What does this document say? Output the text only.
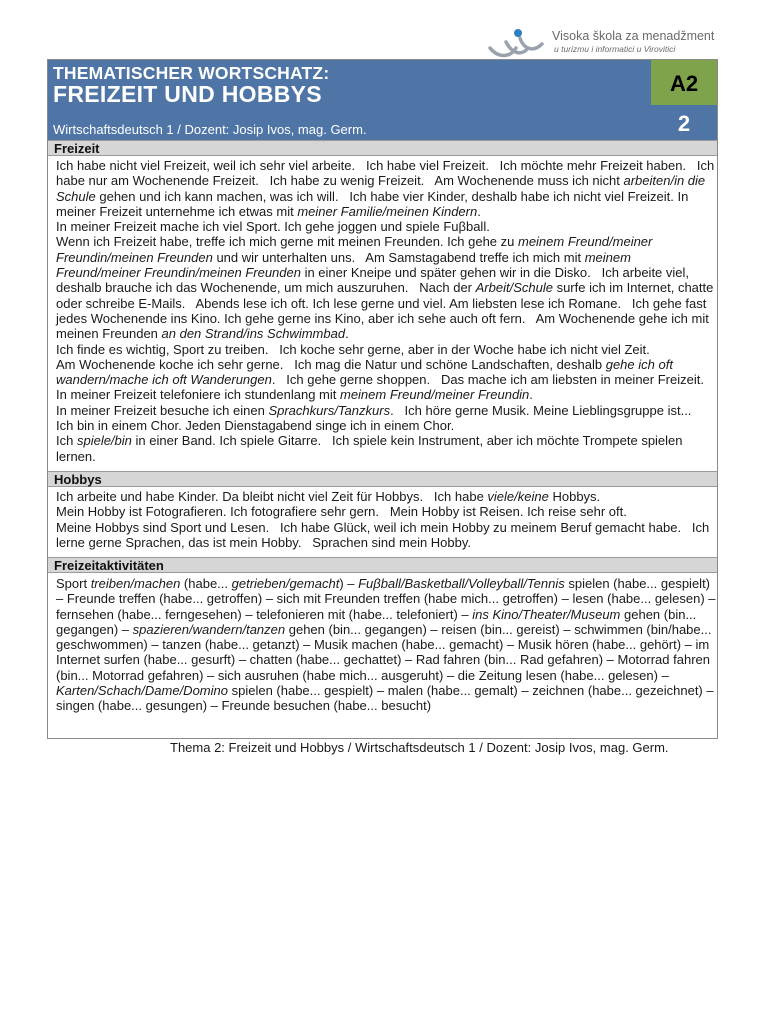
Visoka škola za menadžment
u turizmu i informatici u Virovitici
THEMATISCHER WORTSCHATZ:
FREIZEIT UND HOBBYS
Wirtschaftsdeutsch 1 / Dozent: Josip Ivos, mag. Germ.
A2
2
Freizeit

Ich habe nicht viel Freizeit, weil ich sehr viel arbeite.   Ich habe viel Freizeit.   Ich möchte mehr Freizeit haben.   Ich habe nur am Wochenende Freizeit.   Ich habe zu wenig Freizeit.   Am Wochenende muss ich nicht arbeiten/in die Schule gehen und ich kann machen, was ich will.   Ich habe vier Kinder, deshalb habe ich nicht viel Freizeit. In meiner Freizeit unternehme ich etwas mit meiner Familie/meinen Kindern.
In meiner Freizeit mache ich viel Sport. Ich gehe joggen und spiele Fuβball.
Wenn ich Freizeit habe, treffe ich mich gerne mit meinen Freunden. Ich gehe zu meinem Freund/meiner Freundin/meinen Freunden und wir unterhalten uns.   Am Samstagabend treffe ich mich mit meinem Freund/meiner Freundin/meinen Freunden in einer Kneipe und später gehen wir in die Disko.   Ich arbeite viel, deshalb brauche ich das Wochenende, um mich auszuruhen.   Nach der Arbeit/Schule surfe ich im Internet, chatte oder schreibe E-Mails.   Abends lese ich oft. Ich lese gerne und viel. Am liebsten lese ich Romane.   Ich gehe fast jedes Wochenende ins Kino. Ich gehe gerne ins Kino, aber ich sehe auch oft fern.   Am Wochenende gehe ich mit meinen Freunden an den Strand/ins Schwimmbad.
Ich finde es wichtig, Sport zu treiben.   Ich koche sehr gerne, aber in der Woche habe ich nicht viel Zeit.
Am Wochenende koche ich sehr gerne.   Ich mag die Natur und schöne Landschaften, deshalb gehe ich oft wandern/mache ich oft Wanderungen.   Ich gehe gerne shoppen.   Das mache ich am liebsten in meiner Freizeit.   In meiner Freizeit telefoniere ich stundenlang mit meinem Freund/meiner Freundin.
In meiner Freizeit besuche ich einen Sprachkurs/Tanzkurs.   Ich höre gerne Musik. Meine Lieblingsgruppe ist...   Ich bin in einem Chor. Jeden Dienstagabend singe ich in einem Chor.
Ich spiele/bin in einer Band. Ich spiele Gitarre.   Ich spiele kein Instrument, aber ich möchte Trompete spielen lernen.

Hobbys

Ich arbeite und habe Kinder. Da bleibt nicht viel Zeit für Hobbys.   Ich habe viele/keine Hobbys.
Mein Hobby ist Fotografieren. Ich fotografiere sehr gern.   Mein Hobby ist Reisen. Ich reise sehr oft.
Meine Hobbys sind Sport und Lesen.   Ich habe Glück, weil ich mein Hobby zu meinem Beruf gemacht habe.   Ich lerne gerne Sprachen, das ist mein Hobby.   Sprachen sind mein Hobby.

Freizeitaktivitäten

Sport treiben/machen (habe... getrieben/gemacht) – Fuβball/Basketball/Volleyball/Tennis spielen (habe... gespielt) – Freunde treffen (habe... getroffen) – sich mit Freunden treffen (habe mich... getroffen) – lesen (habe... gelesen) – fernsehen (habe... ferngesehen) – telefonieren mit (habe... telefoniert) – ins Kino/Theater/Museum gehen (bin... gegangen) – spazieren/wandern/tanzen gehen (bin... gegangen) – reisen (bin... gereist) – schwimmen (bin/habe... geschwommen) – tanzen (habe... getanzt) – Musik machen (habe... gemacht) – Musik hören (habe... gehört) – im Internet surfen (habe... gesurft) – chatten (habe... gechattet) – Rad fahren (bin... Rad gefahren) – Motorrad fahren (bin... Motorrad gefahren) – sich ausruhen (habe mich... ausgeruht) – die Zeitung lesen (habe... gelesen) – Karten/Schach/Dame/Domino spielen (habe... gespielt) – malen (habe... gemalt) – zeichnen (habe... gezeichnet) – singen (habe... gesungen) – Freunde besuchen (habe... besucht)

Thema 2: Freizeit und Hobbys / Wirtschaftsdeutsch 1 / Dozent: Josip Ivos, mag. Germ.
